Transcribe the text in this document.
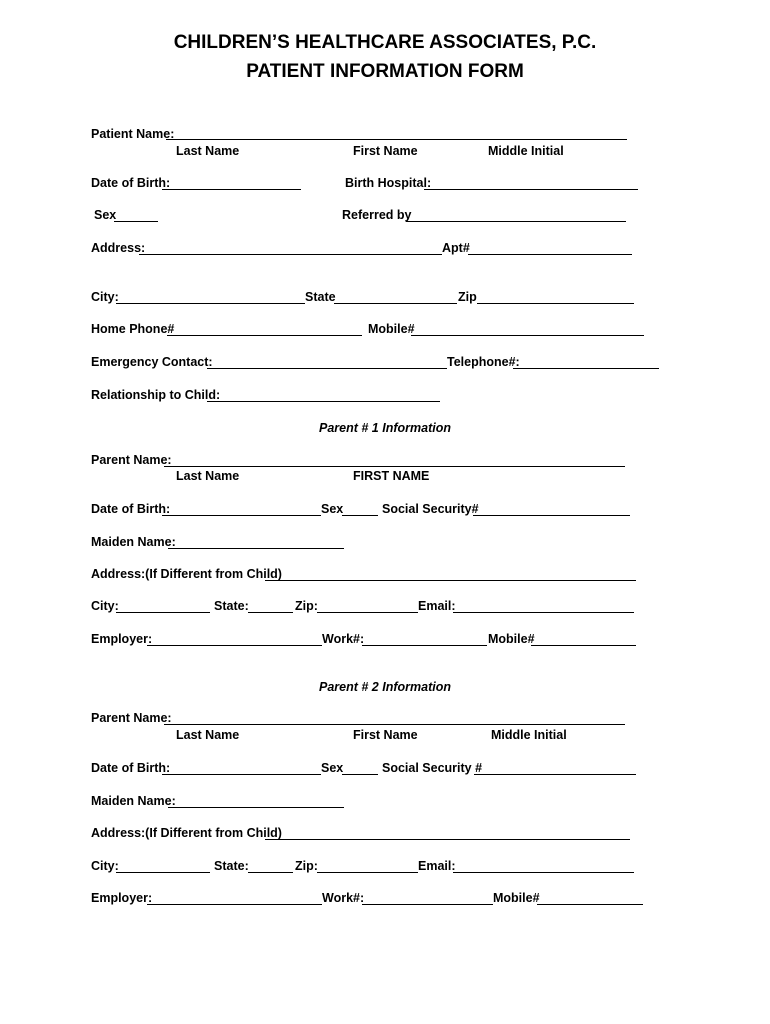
CHILDREN’S HEALTHCARE ASSOCIATES, P.C.
PATIENT INFORMATION FORM
Patient Name:
Last Name	First Name	Middle Initial
Date of Birth:	Birth Hospital:
Sex	Referred by
Address:	Apt#
City:	State	Zip
Home Phone#	Mobile#
Emergency Contact:	Telephone#:
Relationship to Child:
Parent # 1 Information
Parent Name:
Last Name	FIRST NAME
Date of Birth:	Sex	Social Security#
Maiden Name:
Address:(If Different from Child)
City:	State:	Zip:	Email:
Employer:	Work#:	Mobile#
Parent # 2 Information
Parent Name:
Last Name	First Name	Middle Initial
Date of Birth:	Sex	Social Security #
Maiden Name:
Address:(If Different from Child)
City:	State:	Zip:	Email:
Employer:	Work#:	Mobile#
